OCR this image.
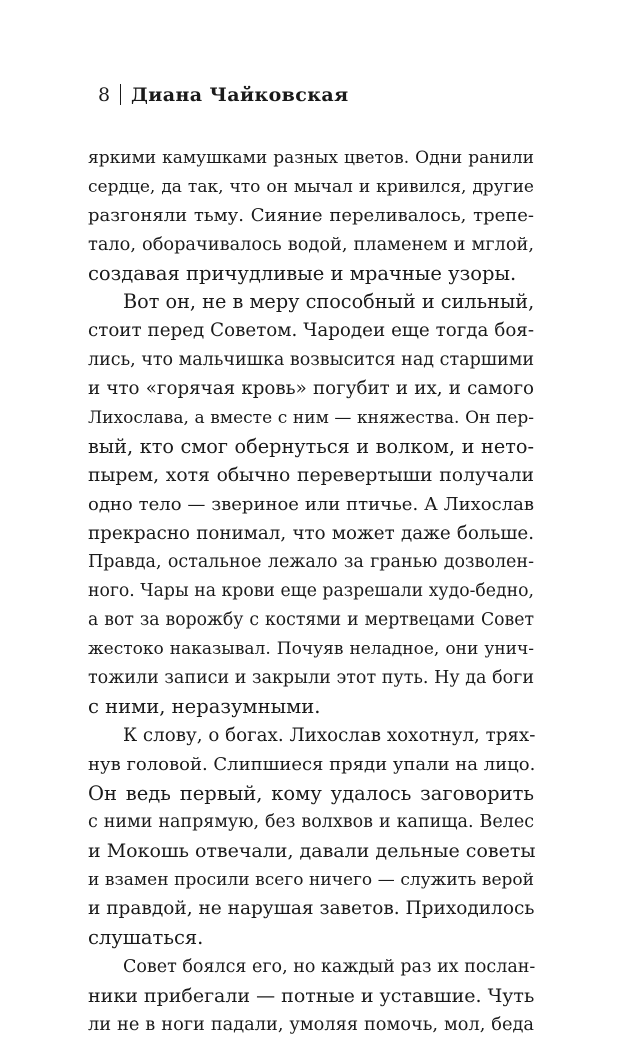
8 Диана Чайковская
яркими камушками разных цветов. Одни ранили
сердце, да так, что он мычал и кривился, другие
разгоняли тьму. Сияние переливалось, трепе-
тало, оборачивалось водой, пламенем и мглой,
создавая причудливые и мрачные узоры.
Вот он, не в меру способный и сильный,
стоит перед Советом. Чародеи еще тогда боя-
лись, что мальчишка возвысится над старшими
и что «горячая кровь» погубит и их, и самого
Лихослава, а вместе с ним — княжества. Он пер-
вый, кто смог обернуться и волком, и нето-
пырем, хотя обычно перевертыши получали
одно тело — звериное или птичье. А Лихослав
прекрасно понимал, что может даже больше.
Правда, остальное лежало за гранью дозволен-
ного. Чары на крови еще разрешали худо-бедно,
а вот за ворожбу с костями и мертвецами Совет
жестоко наказывал. Почуяв неладное, они унич-
тожили записи и закрыли этот путь. Ну да боги
с ними, неразумными.
К слову, о богах. Лихослав хохотнул, трях-
нув головой. Слипшиеся пряди упали на лицо.
Он ведь первый, кому удалось заговорить
с ними напрямую, без волхвов и капища. Велес
и Мокошь отвечали, давали дельные советы
и взамен просили всего ничего — служить верой
и правдой, не нарушая заветов. Приходилось
слушаться.
Совет боялся его, но каждый раз их послан-
ники прибегали — потные и уставшие. Чуть
ли не в ноги падали, умоляя помочь, мол, беда
